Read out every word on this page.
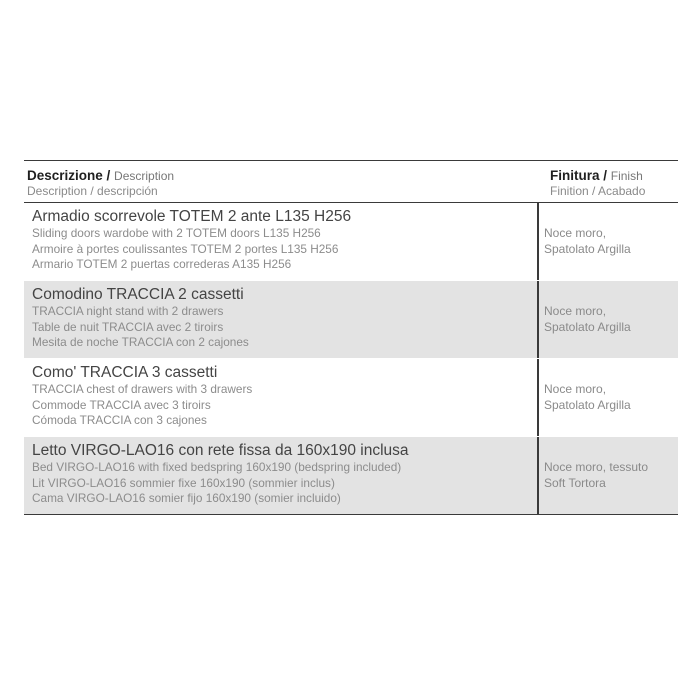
Descrizione / Description
Description / descripción
Finitura / Finish
Finition / Acabado
Armadio scorrevole TOTEM 2 ante L135 H256
Sliding doors wardobe with 2 TOTEM doors L135 H256
Armoire à portes coulissantes TOTEM 2 portes L135 H256
Armario TOTEM 2 puertas correderas A135 H256
Noce moro,
Spatolato Argilla
Comodino TRACCIA 2 cassetti
TRACCIA night stand with 2 drawers
Table de nuit TRACCIA avec 2 tiroirs
Mesita de noche TRACCIA con 2 cajones
Noce moro,
Spatolato Argilla
Como' TRACCIA 3 cassetti
TRACCIA chest of drawers with 3 drawers
Commode TRACCIA avec 3 tiroirs
Cómoda TRACCIA con 3 cajones
Noce moro,
Spatolato Argilla
Letto VIRGO-LAO16 con rete fissa da 160x190 inclusa
Bed VIRGO-LAO16 with fixed bedspring 160x190 (bedspring included)
Lit VIRGO-LAO16 sommier fixe 160x190 (sommier inclus)
Cama VIRGO-LAO16 somier fijo 160x190 (somier incluido)
Noce moro, tessuto
Soft Tortora
